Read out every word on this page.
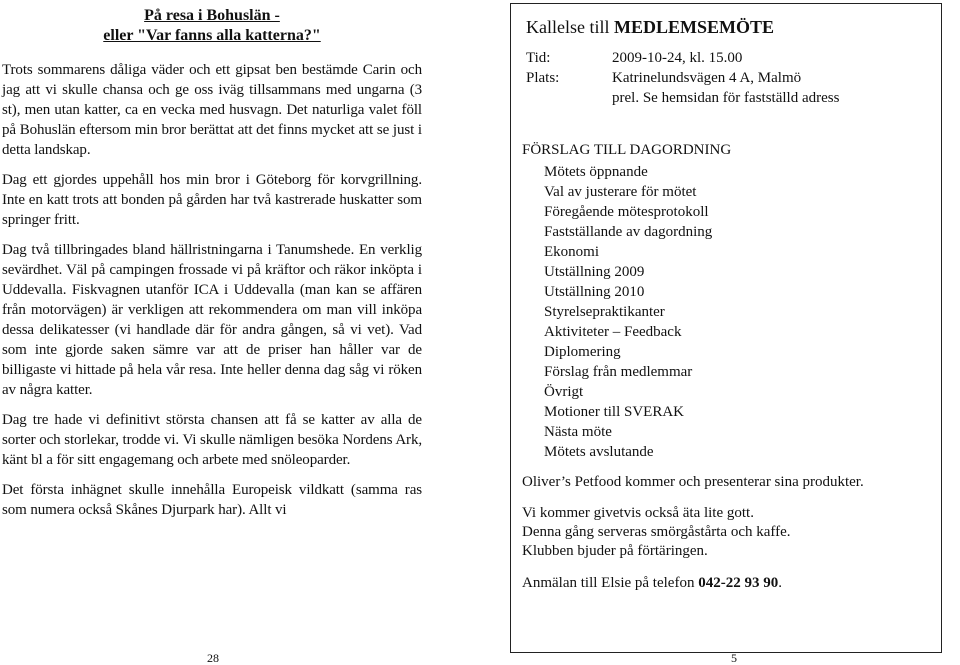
På resa i Bohuslän -
eller "Var fanns alla katterna?"

Trots sommarens dåliga väder och ett gipsat ben bestämde Carin och jag att vi skulle chansa och ge oss iväg tillsammans med ungarna (3 st), men utan katter, ca en vecka med husvagn. Det naturliga valet föll på Bohuslän eftersom min bror berättat att det finns mycket att se just i detta landskap.

Dag ett gjordes uppehåll hos min bror i Göteborg för korvgrillning. Inte en katt trots att bonden på gården har två kastrerade huskatter som springer fritt.

Dag två tillbringades bland hällristningarna i Tanumshede. En verklig sevärdhet. Väl på campingen frossade vi på kräftor och räkor inköpta i Uddevalla. Fiskvagnen utanför ICA i Uddevalla (man kan se affären från motorvägen) är verkligen att rekommendera om man vill inköpa dessa delikatesser (vi handlade där för andra gången, så vi vet). Vad som inte gjorde saken sämre var att de priser han håller var de billigaste vi hittade på hela vår resa. Inte heller denna dag såg vi röken av några katter.

Dag tre hade vi definitivt största chansen att få se katter av alla de sorter och storlekar, trodde vi. Vi skulle nämligen besöka Nordens Ark, känt bl a för sitt engagemang och arbete med snöleoparder.

Det första inhägnet skulle innehålla Europeisk vildkatt (samma ras som numera också Skånes Djurpark har). Allt vi

28
Kallelse till MEDLEMSEMÖTE
Tid:	2009-10-24, kl. 15.00
Plats:	Katrinelundsvägen 4 A, Malmö
prel. Se hemsidan för fastställd adress
FÖRSLAG TILL DAGORDNING
Mötets öppnande
Val av justerare för mötet
Föregående mötesprotokoll
Fastställande av dagordning
Ekonomi
Utställning 2009
Utställning 2010
Styrelsepraktikanter
Aktiviteter – Feedback
Diplomering
Förslag från medlemmar
Övrigt
Motioner till SVERAK
Nästa möte
Mötets avslutande
Oliver’s Petfood kommer och presenterar sina produkter.
Vi kommer givetvis också äta lite gott.
Denna gång serveras smörgåstårta och kaffe.
Klubben bjuder på förtäringen.
Anmälan till Elsie på telefon 042-22 93 90.
5
